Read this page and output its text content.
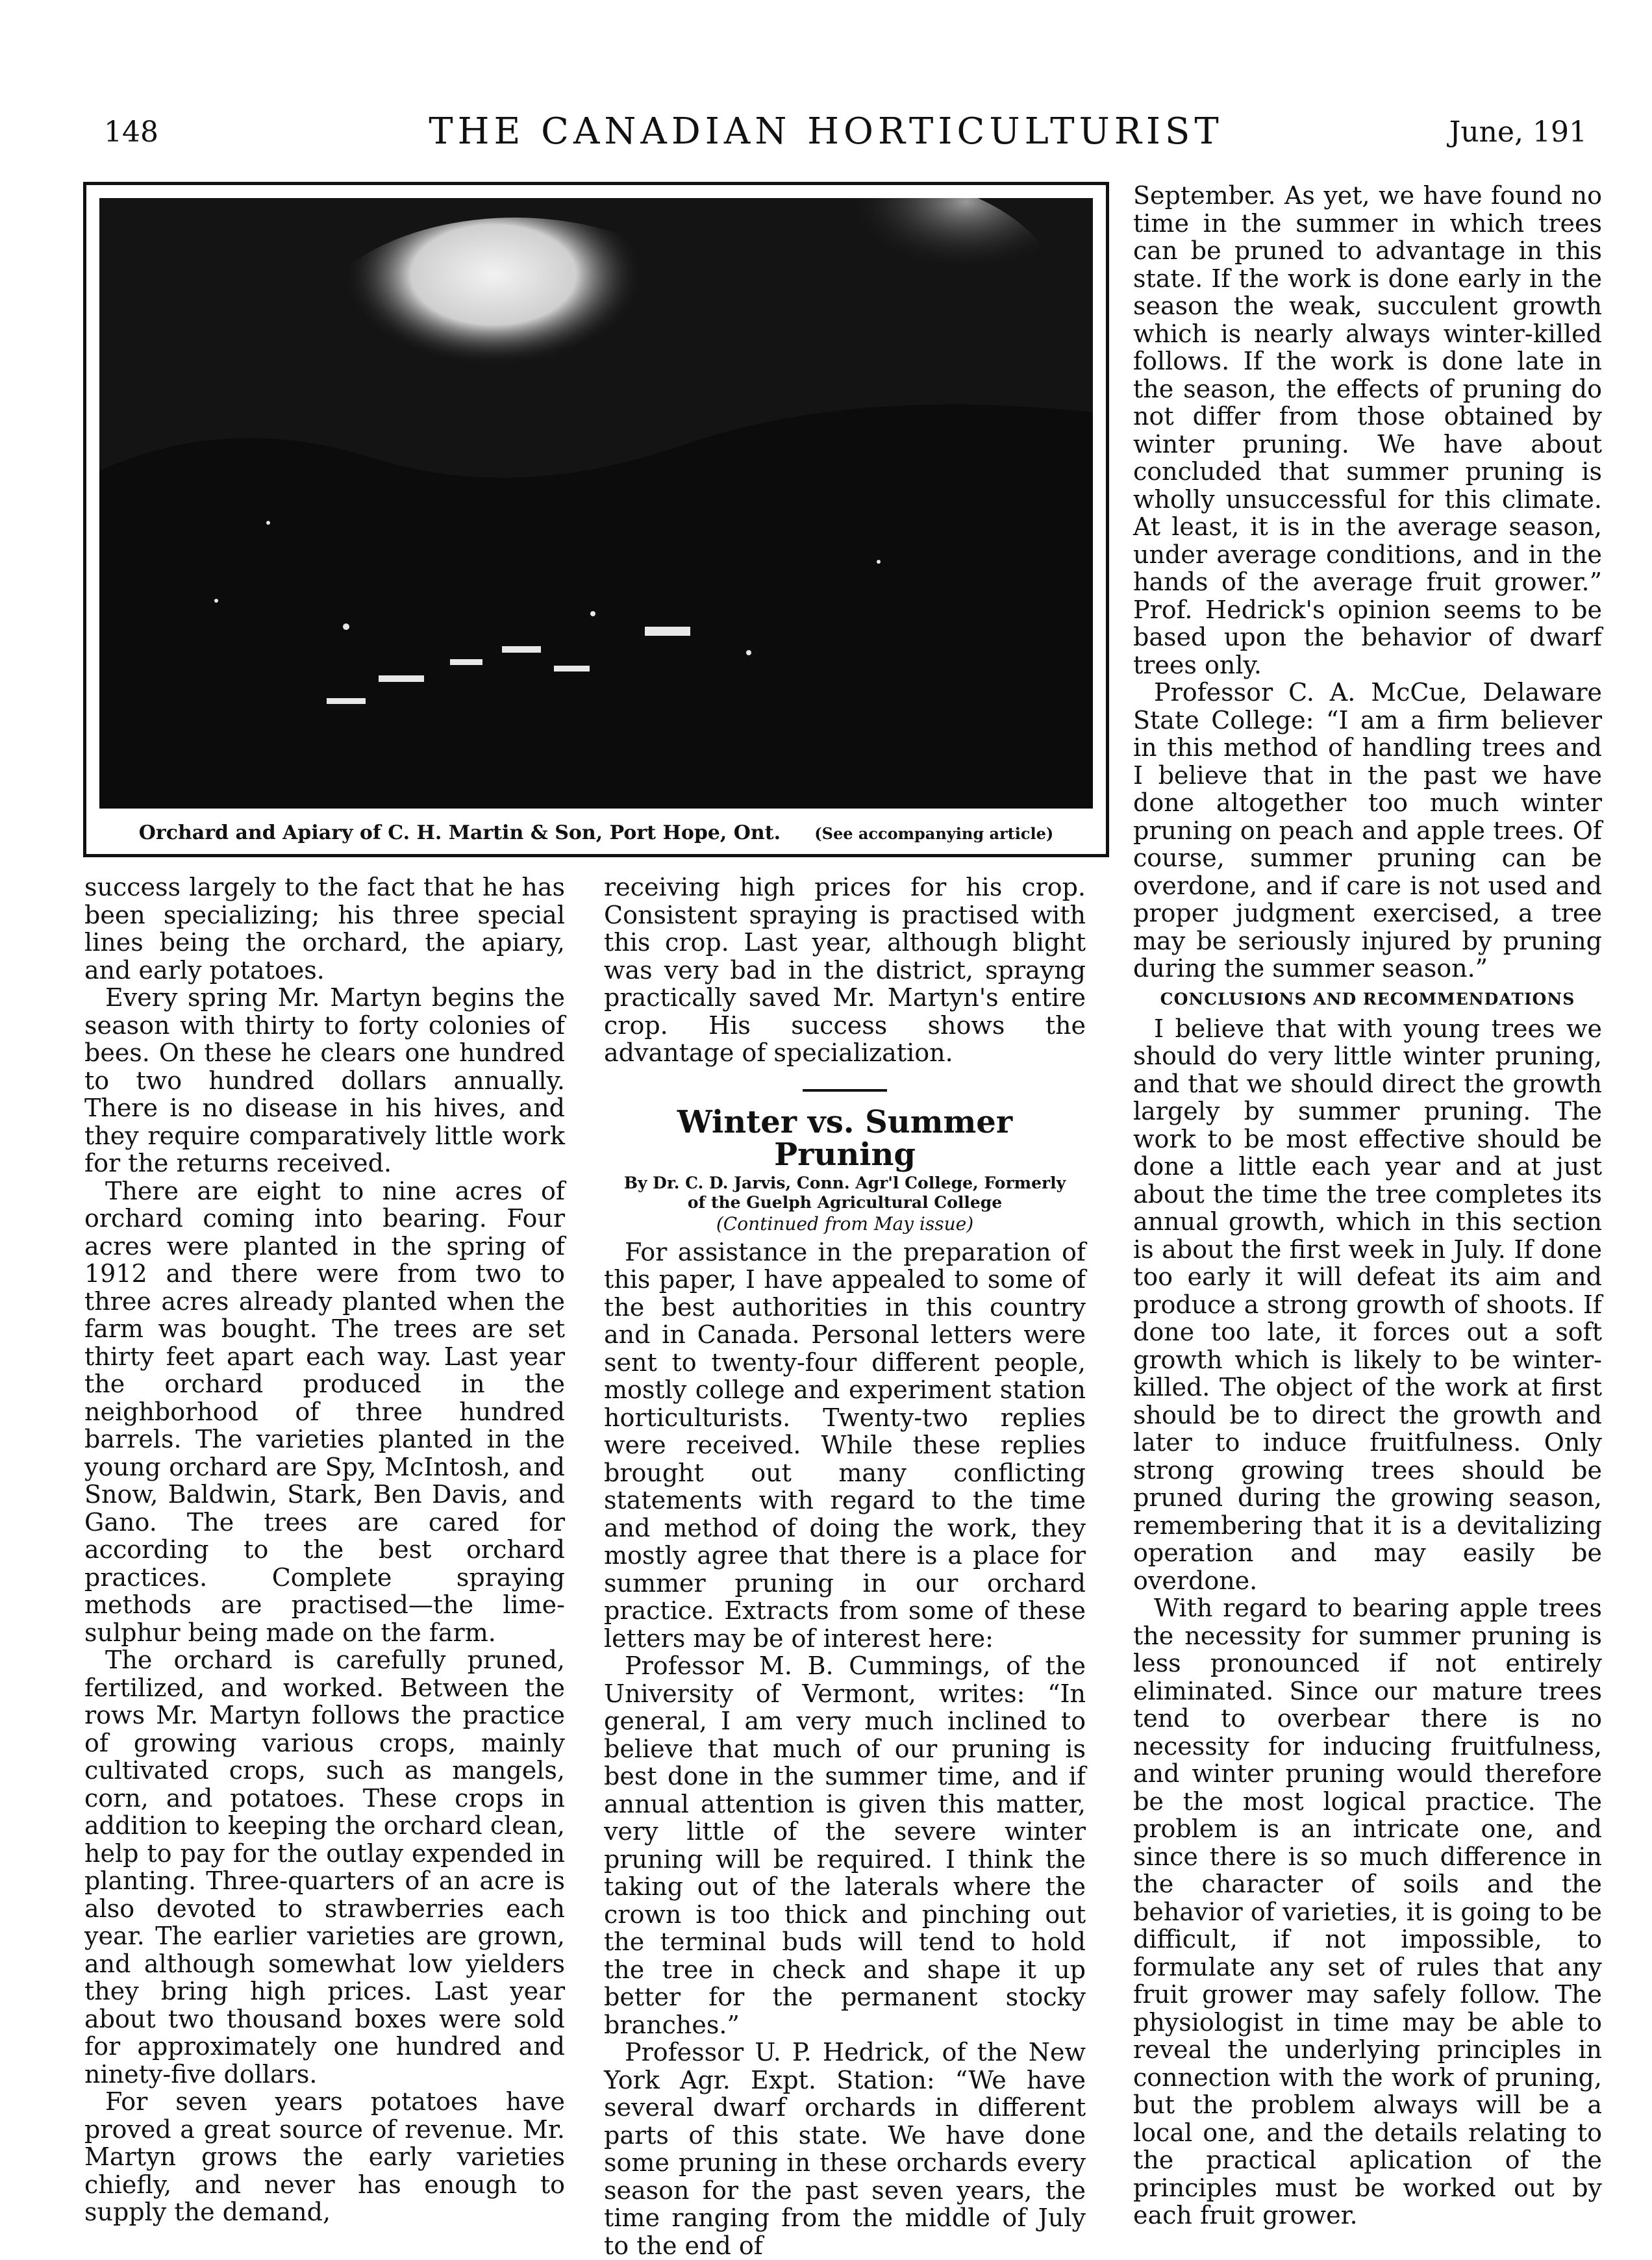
148	THE CANADIAN HORTICULTURIST	June, 191
Orchard and Apiary of C. H. Martin & Son, Port Hope, Ont. (See accompanying article)

success largely to the fact that he has been specializing; his three special lines being the orchard, the apiary, and early potatoes.

Every spring Mr. Martyn begins the season with thirty to forty colonies of bees. On these he clears one hundred to two hundred dollars annually. There is no disease in his hives, and they require comparatively little work for the returns received.

There are eight to nine acres of orchard coming into bearing. Four acres were planted in the spring of 1912 and there were from two to three acres already planted when the farm was bought. The trees are set thirty feet apart each way. Last year the orchard produced in the neighborhood of three hundred barrels. The varieties planted in the young orchard are Spy, McIntosh, and Snow, Baldwin, Stark, Ben Davis, and Gano. The trees are cared for according to the best orchard practices. Complete spraying methods are practised—the lime-sulphur being made on the farm.

The orchard is carefully pruned, fertilized, and worked. Between the rows Mr. Martyn follows the practice of growing various crops, mainly cultivated crops, such as mangels, corn, and potatoes. These crops in addition to keeping the orchard clean, help to pay for the outlay expended in planting. Three-quarters of an acre is also devoted to strawberries each year. The earlier varieties are grown, and although somewhat low yielders they bring high prices. Last year about two thousand boxes were sold for approximately one hundred and ninety-five dollars.

For seven years potatoes have proved a great source of revenue. Mr. Martyn grows the early varieties chiefly, and never has enough to supply the demand,

receiving high prices for his crop. Consistent spraying is practised with this crop. Last year, although blight was very bad in the district, sprayng practically saved Mr. Martyn's entire crop. His success shows the advantage of specialization.

Winter vs. Summer Pruning

By Dr. C. D. Jarvis, Conn. Agr'l College, Formerly of the Guelph Agricultural College
(Continued from May issue)

For assistance in the preparation of this paper, I have appealed to some of the best authorities in this country and in Canada. Personal letters were sent to twenty-four different people, mostly college and experiment station horticulturists. Twenty-two replies were received. While these replies brought out many conflicting statements with regard to the time and method of doing the work, they mostly agree that there is a place for summer pruning in our orchard practice. Extracts from some of these letters may be of interest here:

Professor M. B. Cummings, of the University of Vermont, writes: “In general, I am very much inclined to believe that much of our pruning is best done in the summer time, and if annual attention is given this matter, very little of the severe winter pruning will be required. I think the taking out of the laterals where the crown is too thick and pinching out the terminal buds will tend to hold the tree in check and shape it up better for the permanent stocky branches.”

Professor U. P. Hedrick, of the New York Agr. Expt. Station: “We have several dwarf orchards in different parts of this state. We have done some pruning in these orchards every season for the past seven years, the time ranging from the middle of July to the end of

September. As yet, we have found no time in the summer in which trees can be pruned to advantage in this state. If the work is done early in the season the weak, succulent growth which is nearly always winter-killed follows. If the work is done late in the season, the effects of pruning do not differ from those obtained by winter pruning. We have about concluded that summer pruning is wholly unsuccessful for this climate. At least, it is in the average season, under average conditions, and in the hands of the average fruit grower.” Prof. Hedrick's opinion seems to be based upon the behavior of dwarf trees only.

Professor C. A. McCue, Delaware State College: “I am a firm believer in this method of handling trees and I believe that in the past we have done altogether too much winter pruning on peach and apple trees. Of course, summer pruning can be overdone, and if care is not used and proper judgment exercised, a tree may be seriously injured by pruning during the summer season.”

CONCLUSIONS AND RECOMMENDATIONS

I believe that with young trees we should do very little winter pruning, and that we should direct the growth largely by summer pruning. The work to be most effective should be done a little each year and at just about the time the tree completes its annual growth, which in this section is about the first week in July. If done too early it will defeat its aim and produce a strong growth of shoots. If done too late, it forces out a soft growth which is likely to be winter-killed. The object of the work at first should be to direct the growth and later to induce fruitfulness. Only strong growing trees should be pruned during the growing season, remembering that it is a devitalizing operation and may easily be overdone.

With regard to bearing apple trees the necessity for summer pruning is less pronounced if not entirely eliminated. Since our mature trees tend to overbear there is no necessity for inducing fruitfulness, and winter pruning would therefore be the most logical practice. The problem is an intricate one, and since there is so much difference in the character of soils and the behavior of varieties, it is going to be difficult, if not impossible, to formulate any set of rules that any fruit grower may safely follow. The physiologist in time may be able to reveal the underlying principles in connection with the work of pruning, but the problem always will be a local one, and the details relating to the practical aplication of the principles must be worked out by each fruit grower.
